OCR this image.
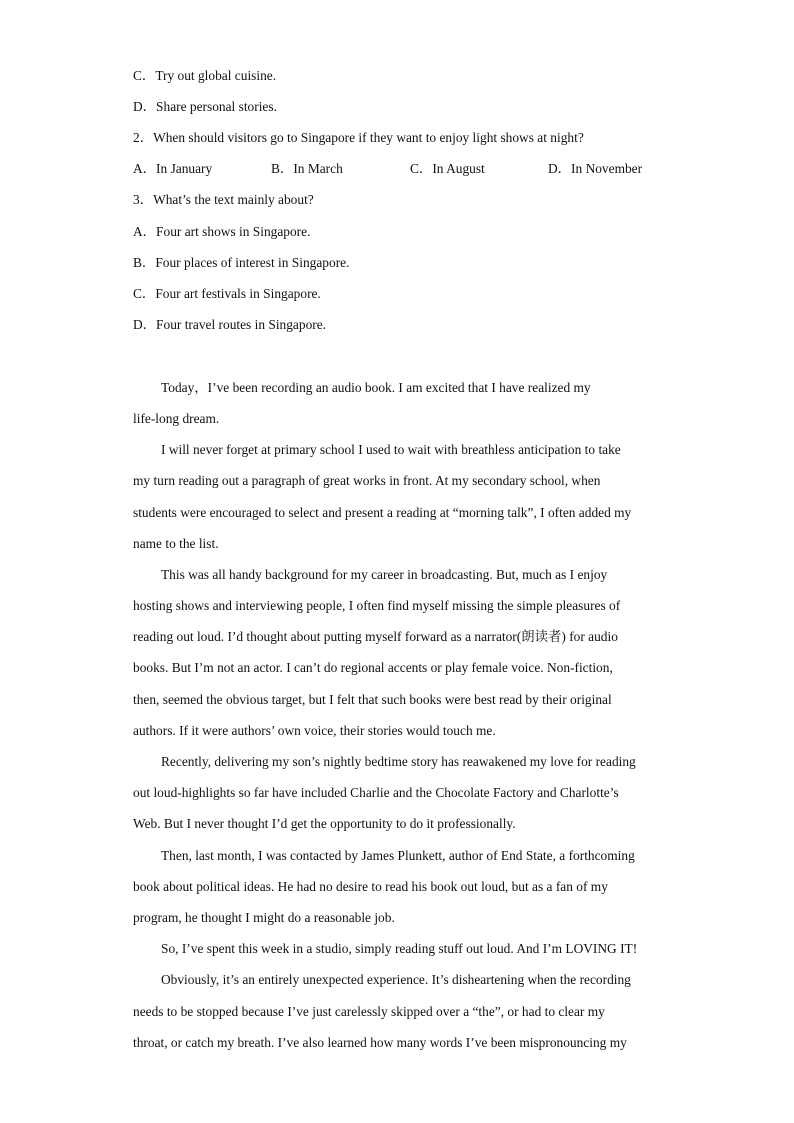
C．Try out global cuisine.
D．Share personal stories.
2．When should visitors go to Singapore if they want to enjoy light shows at night?
A．In January	B．In March	C．In August	D．In November
3．What’s the text mainly about?
A．Four art shows in Singapore.
B．Four places of interest in Singapore.
C．Four art festivals in Singapore.
D．Four travel routes in Singapore.
Today，I’ve been recording an audio book. I am excited that I have realized my
life-long dream.
I will never forget at primary school I used to wait with breathless anticipation to take
my turn reading out a paragraph of great works in front. At my secondary school, when
students were encouraged to select and present a reading at “morning talk”, I often added my
name to the list.
This was all handy background for my career in broadcasting. But, much as I enjoy
hosting shows and interviewing people, I often find myself missing the simple pleasures of
reading out loud. I’d thought about putting myself forward as a narrator(朗读者) for audio
books. But I’m not an actor. I can’t do regional accents or play female voice. Non-fiction,
then, seemed the obvious target, but I felt that such books were best read by their original
authors. If it were authors’ own voice, their stories would touch me.
Recently, delivering my son’s nightly bedtime story has reawakened my love for reading
out loud-highlights so far have included Charlie and the Chocolate Factory and Charlotte’s
Web. But I never thought I’d get the opportunity to do it professionally.
Then, last month, I was contacted by James Plunkett, author of End State, a forthcoming
book about political ideas. He had no desire to read his book out loud, but as a fan of my
program, he thought I might do a reasonable job.
So, I’ve spent this week in a studio, simply reading stuff out loud. And I’m LOVING IT!
Obviously, it’s an entirely unexpected experience. It’s disheartening when the recording
needs to be stopped because I’ve just carelessly skipped over a “the”, or had to clear my
throat, or catch my breath. I’ve also learned how many words I’ve been mispronouncing my
